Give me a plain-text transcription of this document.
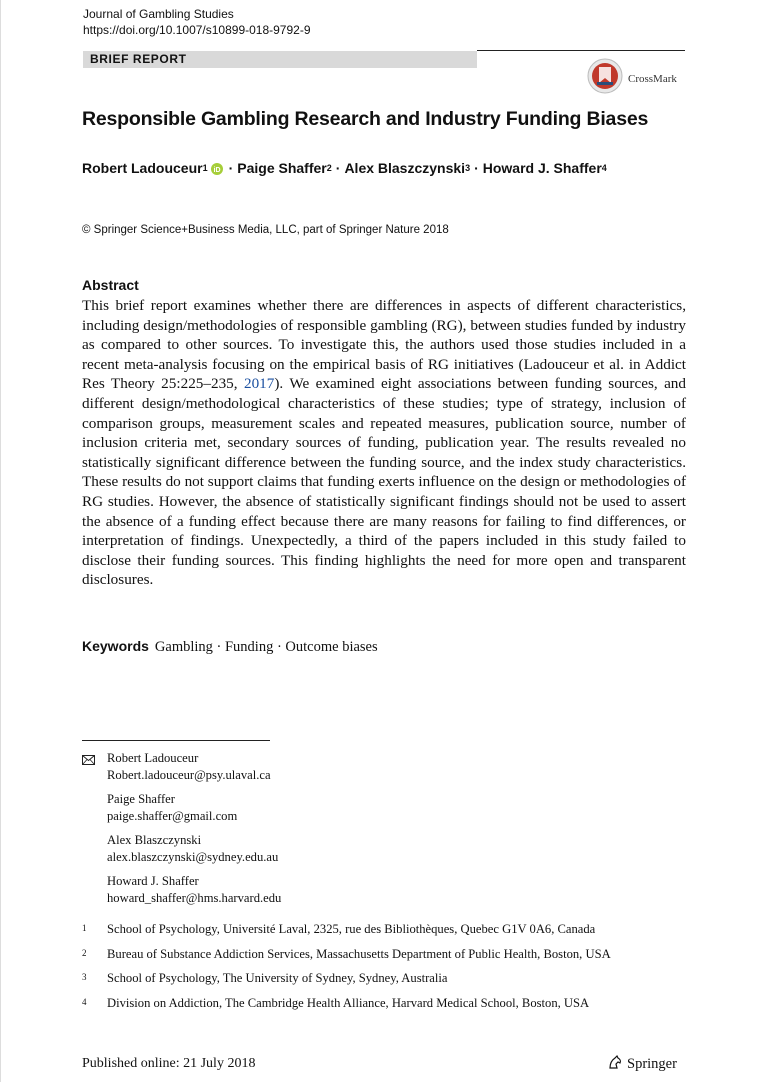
Journal of Gambling Studies
https://doi.org/10.1007/s10899-018-9792-9
BRIEF REPORT
CrossMark
Responsible Gambling Research and Industry Funding Biases
Robert Ladouceur 1 iD · Paige Shaffer 2 · Alex Blaszczynski 3 · Howard J. Shaffer 4
© Springer Science+Business Media, LLC, part of Springer Nature 2018
Abstract
This brief report examines whether there are differences in aspects of different characteristics, including design/methodologies of responsible gambling (RG), between studies funded by industry as compared to other sources. To investigate this, the authors used those studies included in a recent meta-analysis focusing on the empirical basis of RG initiatives (Ladouceur et al. in Addict Res Theory 25:225–235, 2017). We examined eight associations between funding sources, and different design/methodological characteristics of these studies; type of strategy, inclusion of comparison groups, measurement scales and repeated measures, publication source, number of inclusion criteria met, secondary sources of funding, publication year. The results revealed no statistically significant difference between the funding source, and the index study characteristics. These results do not support claims that funding exerts influence on the design or methodologies of RG studies. However, the absence of statistically significant findings should not be used to assert the absence of a funding effect because there are many reasons for failing to find differences, or interpretation of findings. Unexpectedly, a third of the papers included in this study failed to disclose their funding sources. This finding highlights the need for more open and transparent disclosures.
Keywords Gambling · Funding · Outcome biases
Robert Ladouceur
Robert.ladouceur@psy.ulaval.ca
Paige Shaffer
paige.shaffer@gmail.com
Alex Blaszczynski
alex.blaszczynski@sydney.edu.au
Howard J. Shaffer
howard_shaffer@hms.harvard.edu
1	School of Psychology, Université Laval, 2325, rue des Bibliothèques, Quebec G1V 0A6, Canada
2	Bureau of Substance Addiction Services, Massachusetts Department of Public Health, Boston, USA
3	School of Psychology, The University of Sydney, Sydney, Australia
4	Division on Addiction, The Cambridge Health Alliance, Harvard Medical School, Boston, USA
Published online: 21 July 2018	Springer
